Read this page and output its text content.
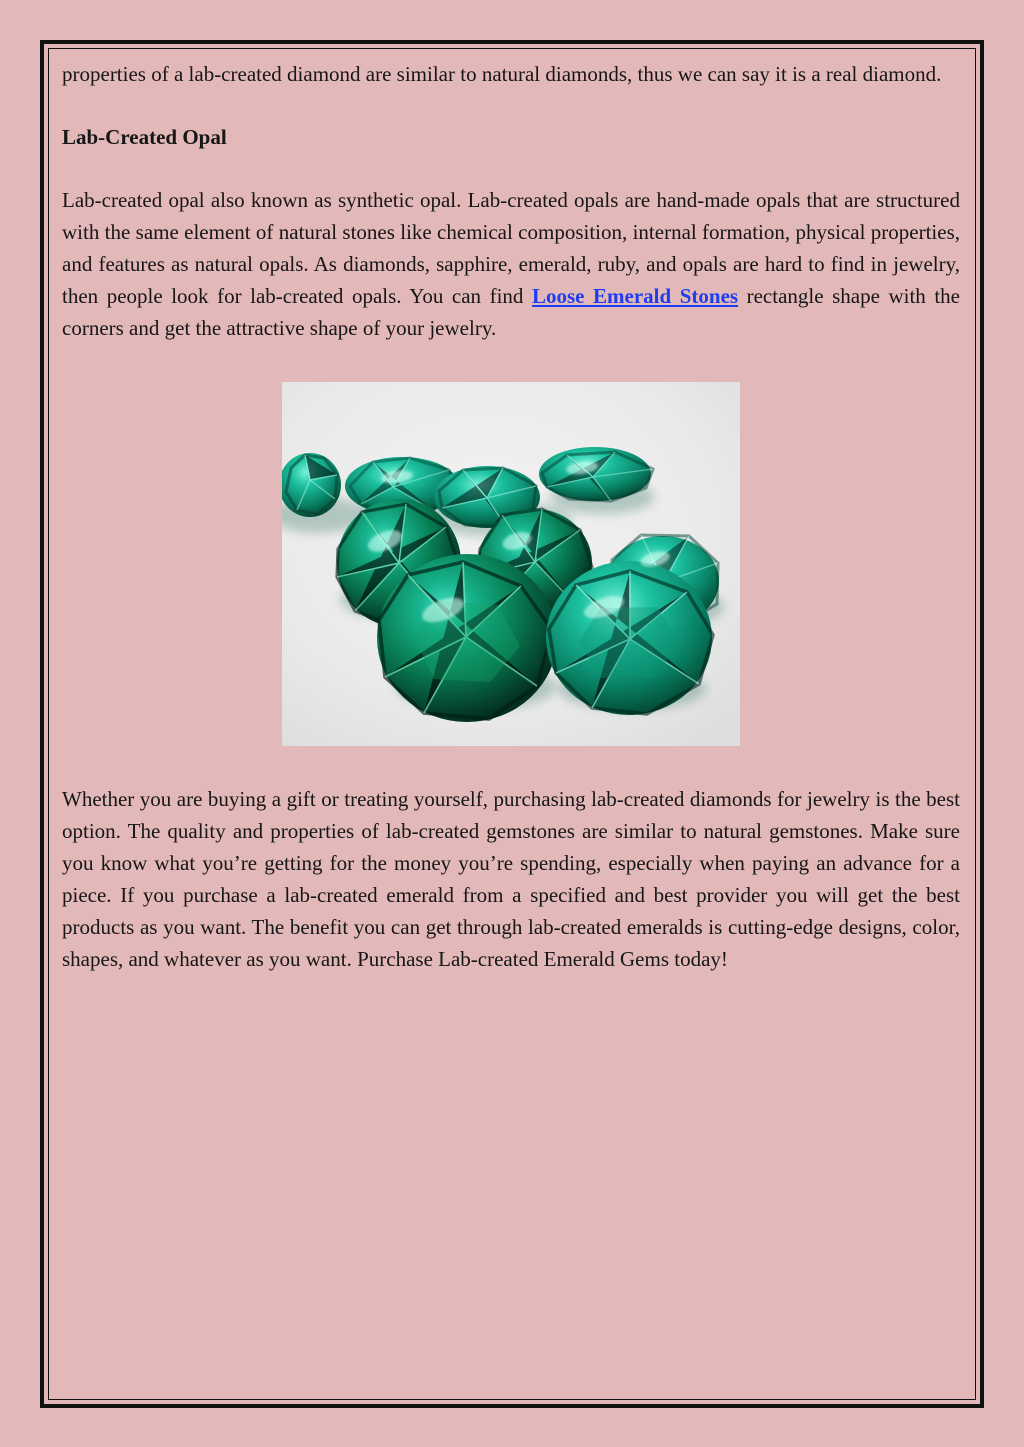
properties of a lab-created diamond are similar to natural diamonds, thus we can say it is a real diamond.

Lab-Created Opal

Lab-created opal also known as synthetic opal. Lab-created opals are hand-made opals that are structured with the same element of natural stones like chemical composition, internal formation, physical properties, and features as natural opals. As diamonds, sapphire, emerald, ruby, and opals are hard to find in jewelry, then people look for lab-created opals. You can find Loose Emerald Stones rectangle shape with the corners and get the attractive shape of your jewelry.

Whether you are buying a gift or treating yourself, purchasing lab-created diamonds for jewelry is the best option. The quality and properties of lab-created gemstones are similar to natural gemstones. Make sure you know what you’re getting for the money you’re spending, especially when paying an advance for a piece. If you purchase a lab-created emerald from a specified and best provider you will get the best products as you want. The benefit you can get through lab-created emeralds is cutting-edge designs, color, shapes, and whatever as you want. Purchase Lab-created Emerald Gems today!
